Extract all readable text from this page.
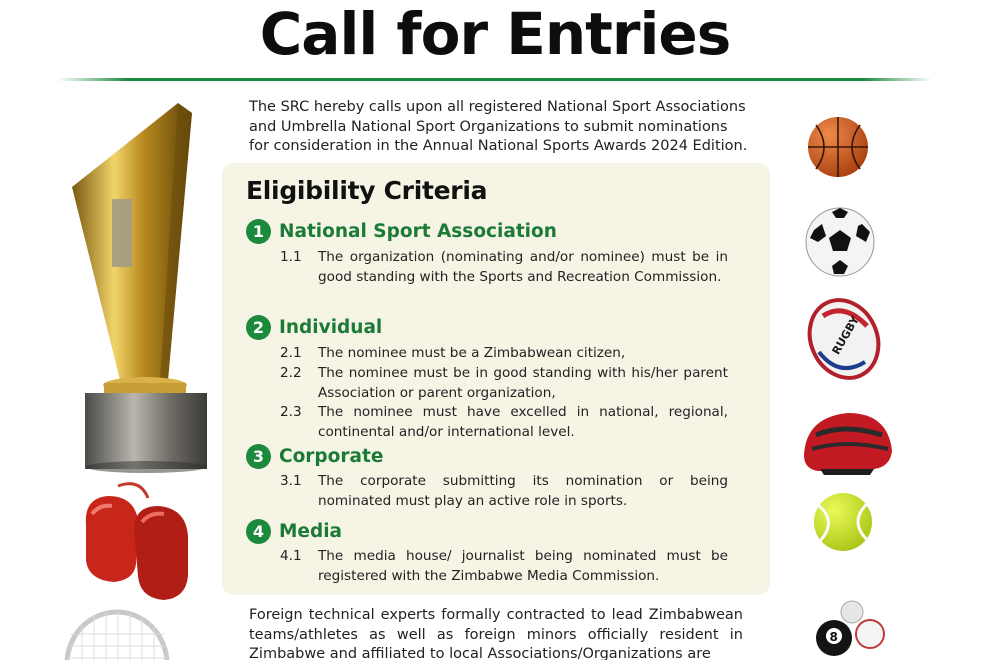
Call for Entries

The SRC hereby calls upon all registered National Sport Associations and Umbrella National Sport Organizations to submit nominations for consideration in the Annual National Sports Awards 2024 Edition.

Eligibility Criteria
1 National Sport Association
1.1	The organization (nominating and/or nominee) must be in good standing with the Sports and Recreation Commission.
2 Individual
2.1	The nominee must be a Zimbabwean citizen,
2.2	The nominee must be in good standing with his/her parent Association or parent organization,
2.3	The nominee must have excelled in national, regional, continental and/or international level.
3 Corporate
3.1	The corporate submitting its nomination or being nominated must play an active role in sports.
4 Media
4.1	The media house/ journalist being nominated must be registered with the Zimbabwe Media Commission.

Foreign technical experts formally contracted to lead Zimbabwean teams/athletes as well as foreign minors officially resident in Zimbabwe and affiliated to local Associations/Organizations are

RUGBY
8
